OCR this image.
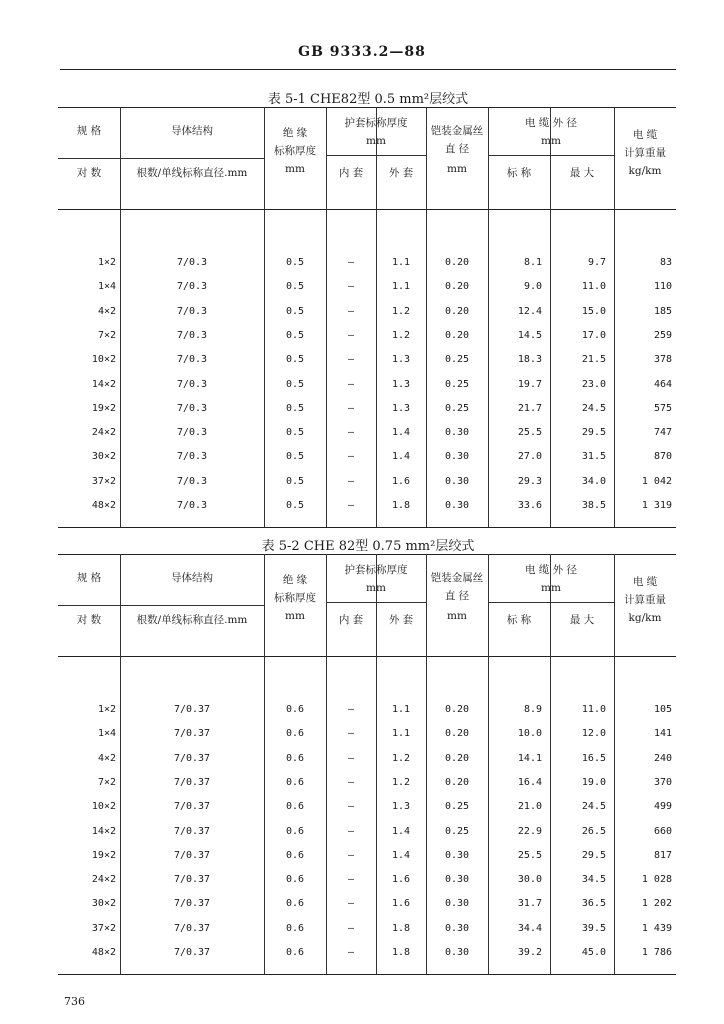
GB 9333.2—88
表 5-1 CHE82型 0.5 mm²层绞式
规 格
对 数
导体结构
根数/单线标称直径.mm
绝 缘
标称厚度
mm
护套标称厚度
mm
内 套	外 套
铠装金属丝
直 径
mm
电 缆 外 径
mm
标 称	最 大
电 缆
计算重量
kg/km
1×2	7/0.3	0.5	—	1.1	0.20	8.1	9.7	83
1×4	7/0.3	0.5	—	1.1	0.20	9.0	11.0	110
4×2	7/0.3	0.5	—	1.2	0.20	12.4	15.0	185
7×2	7/0.3	0.5	—	1.2	0.20	14.5	17.0	259
10×2	7/0.3	0.5	—	1.3	0.25	18.3	21.5	378
14×2	7/0.3	0.5	—	1.3	0.25	19.7	23.0	464
19×2	7/0.3	0.5	—	1.3	0.25	21.7	24.5	575
24×2	7/0.3	0.5	—	1.4	0.30	25.5	29.5	747
30×2	7/0.3	0.5	—	1.4	0.30	27.0	31.5	870
37×2	7/0.3	0.5	—	1.6	0.30	29.3	34.0	1 042
48×2	7/0.3	0.5	—	1.8	0.30	33.6	38.5	1 319
表 5-2 CHE 82型 0.75 mm²层绞式
规 格
对 数
导体结构
根数/单线标称直径.mm
绝 缘
标称厚度
mm
护套标称厚度
mm
内 套	外 套
铠装金属丝
直 径
mm
电 缆 外 径
mm
标 称	最 大
电 缆
计算重量
kg/km
1×2	7/0.37	0.6	—	1.1	0.20	8.9	11.0	105
1×4	7/0.37	0.6	—	1.1	0.20	10.0	12.0	141
4×2	7/0.37	0.6	—	1.2	0.20	14.1	16.5	240
7×2	7/0.37	0.6	—	1.2	0.20	16.4	19.0	370
10×2	7/0.37	0.6	—	1.3	0.25	21.0	24.5	499
14×2	7/0.37	0.6	—	1.4	0.25	22.9	26.5	660
19×2	7/0.37	0.6	—	1.4	0.30	25.5	29.5	817
24×2	7/0.37	0.6	—	1.6	0.30	30.0	34.5	1 028
30×2	7/0.37	0.6	—	1.6	0.30	31.7	36.5	1 202
37×2	7/0.37	0.6	—	1.8	0.30	34.4	39.5	1 439
48×2	7/0.37	0.6	—	1.8	0.30	39.2	45.0	1 786
736
